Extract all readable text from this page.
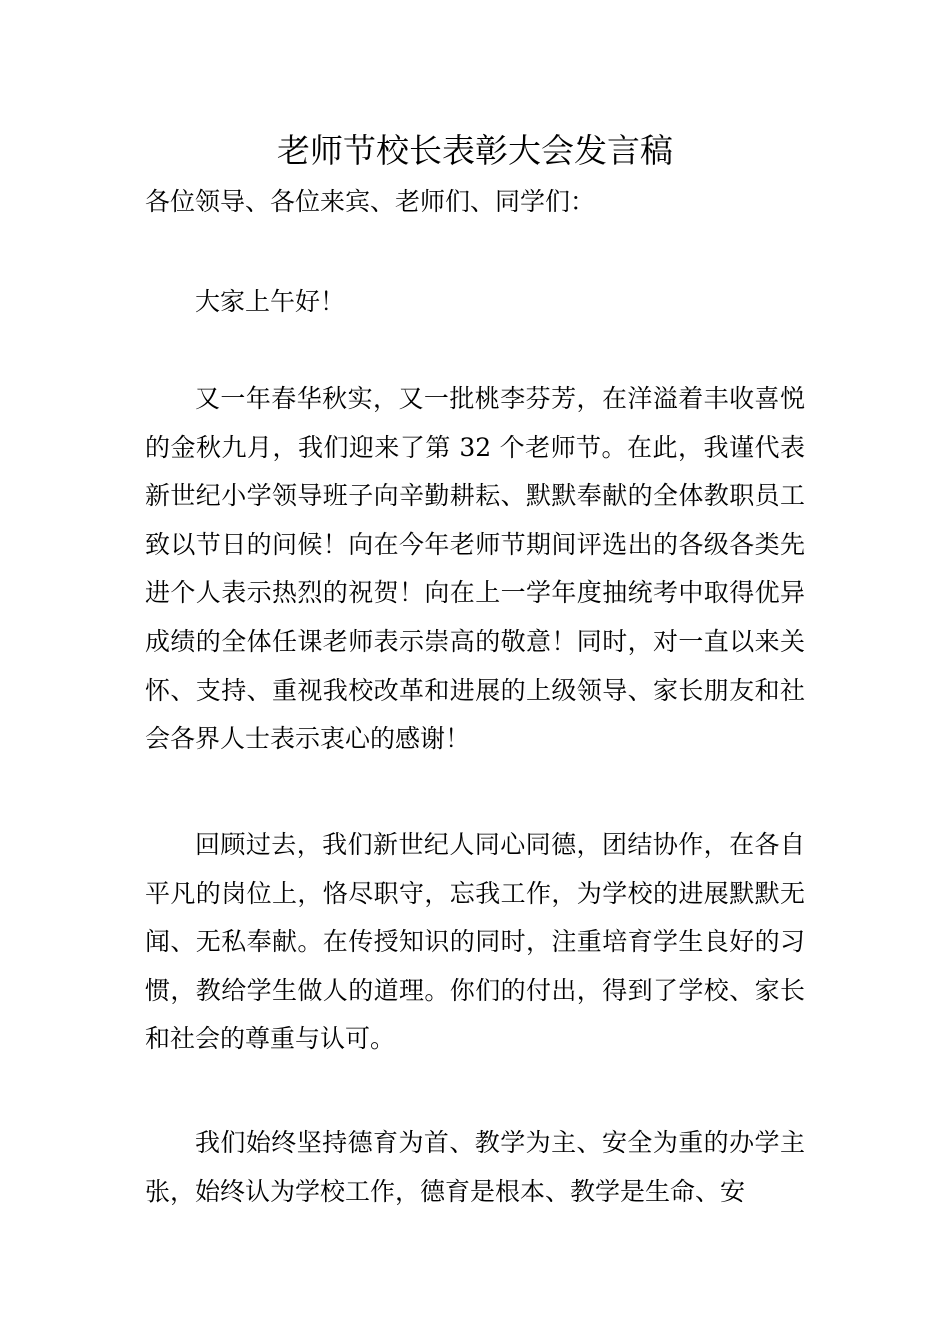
老师节校长表彰大会发言稿

各位领导、各位来宾、老师们、同学们：

大家上午好！

又一年春华秋实，又一批桃李芬芳，在洋溢着丰收喜悦的金秋九月，我们迎来了第 32 个老师节。在此，我谨代表新世纪小学领导班子向辛勤耕耘、默默奉献的全体教职员工致以节日的问候！向在今年老师节期间评选出的各级各类先进个人表示热烈的祝贺！向在上一学年度抽统考中取得优异成绩的全体任课老师表示崇高的敬意！同时，对一直以来关怀、支持、重视我校改革和进展的上级领导、家长朋友和社会各界人士表示衷心的感谢！

回顾过去，我们新世纪人同心同德，团结协作，在各自平凡的岗位上，恪尽职守，忘我工作，为学校的进展默默无闻、无私奉献。在传授知识的同时，注重培育学生良好的习惯，教给学生做人的道理。你们的付出，得到了学校、家长和社会的尊重与认可。

我们始终坚持德育为首、教学为主、安全为重的办学主张，始终认为学校工作，德育是根本、教学是生命、安
